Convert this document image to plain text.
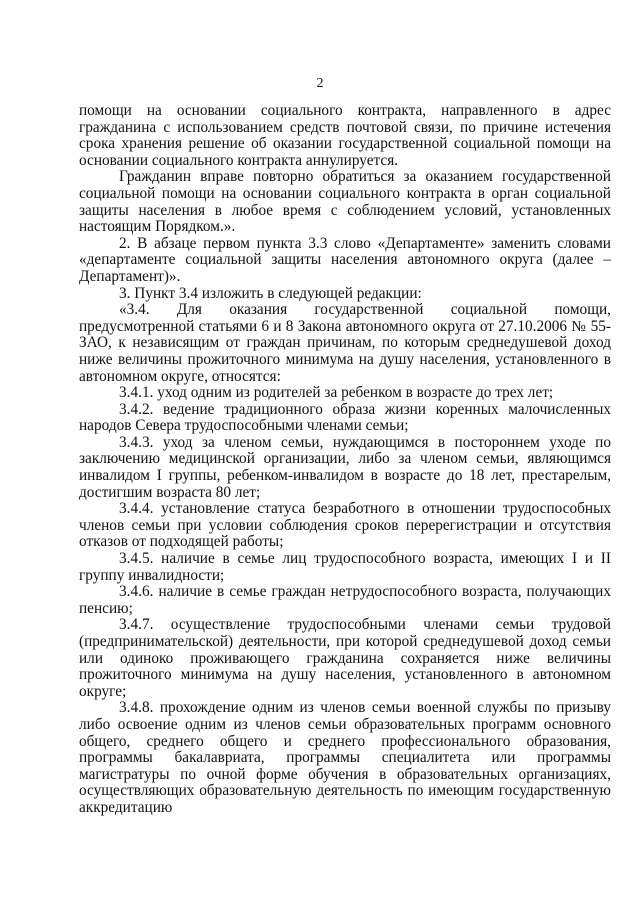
2

помощи на основании социального контракта, направленного в адрес гражданина с использованием средств почтовой связи, по причине истечения срока хранения решение об оказании государственной социальной помощи на основании социального контракта аннулируется.

Гражданин вправе повторно обратиться за оказанием государственной социальной помощи на основании социального контракта в орган социальной защиты населения в любое время с соблюдением условий, установленных настоящим Порядком.».

2. В абзаце первом пункта 3.3 слово «Департаменте» заменить словами «департаменте социальной защиты населения автономного округа (далее – Департамент)».

3. Пункт 3.4 изложить в следующей редакции:

«3.4. Для оказания государственной социальной помощи, предусмотренной статьями 6 и 8 Закона автономного округа от 27.10.2006 № 55-ЗАО, к независящим от граждан причинам, по которым среднедушевой доход ниже величины прожиточного минимума на душу населения, установленного в автономном округе, относятся:

3.4.1. уход одним из родителей за ребенком в возрасте до трех лет;

3.4.2. ведение традиционного образа жизни коренных малочисленных народов Севера трудоспособными членами семьи;

3.4.3. уход за членом семьи, нуждающимся в постороннем уходе по заключению медицинской организации, либо за членом семьи, являющимся инвалидом I группы, ребенком-инвалидом в возрасте до 18 лет, престарелым, достигшим возраста 80 лет;

3.4.4. установление статуса безработного в отношении трудоспособных членов семьи при условии соблюдения сроков перерегистрации и отсутствия отказов от подходящей работы;

3.4.5. наличие в семье лиц трудоспособного возраста, имеющих I и II группу инвалидности;

3.4.6. наличие в семье граждан нетрудоспособного возраста, получающих пенсию;

3.4.7. осуществление трудоспособными членами семьи трудовой (предпринимательской) деятельности, при которой среднедушевой доход семьи или одиноко проживающего гражданина сохраняется ниже величины прожиточного минимума на душу населения, установленного в автономном округе;

3.4.8. прохождение одним из членов семьи военной службы по призыву либо освоение одним из членов семьи образовательных программ основного общего, среднего общего и среднего профессионального образования, программы бакалавриата, программы специалитета или программы магистратуры по очной форме обучения в образовательных организациях, осуществляющих образовательную деятельность по имеющим государственную аккредитацию
